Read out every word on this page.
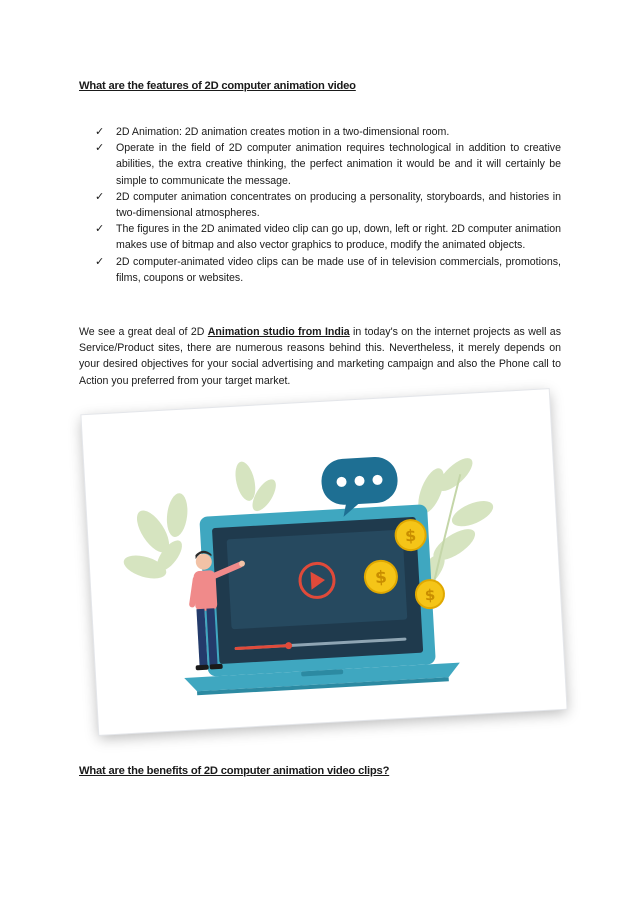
What are the features of 2D computer animation video
✓ 2D Animation: 2D animation creates motion in a two-dimensional room.
✓ Operate in the field of 2D computer animation requires technological in addition to creative abilities, the extra creative thinking, the perfect animation it would be and it will certainly be simple to communicate the message.
✓ 2D computer animation concentrates on producing a personality, storyboards, and histories in two-dimensional atmospheres.
✓ The figures in the 2D animated video clip can go up, down, left or right. 2D computer animation makes use of bitmap and also vector graphics to produce, modify the animated objects.
✓ 2D computer-animated video clips can be made use of in television commercials, promotions, films, coupons or websites.

We see a great deal of 2D Animation studio from India in today's on the internet projects as well as Service/Product sites, there are numerous reasons behind this. Nevertheless, it merely depends on your desired objectives for your social advertising and marketing campaign and also the Phone call to Action you preferred from your target market.

$
$
$
What are the benefits of 2D computer animation video clips?
